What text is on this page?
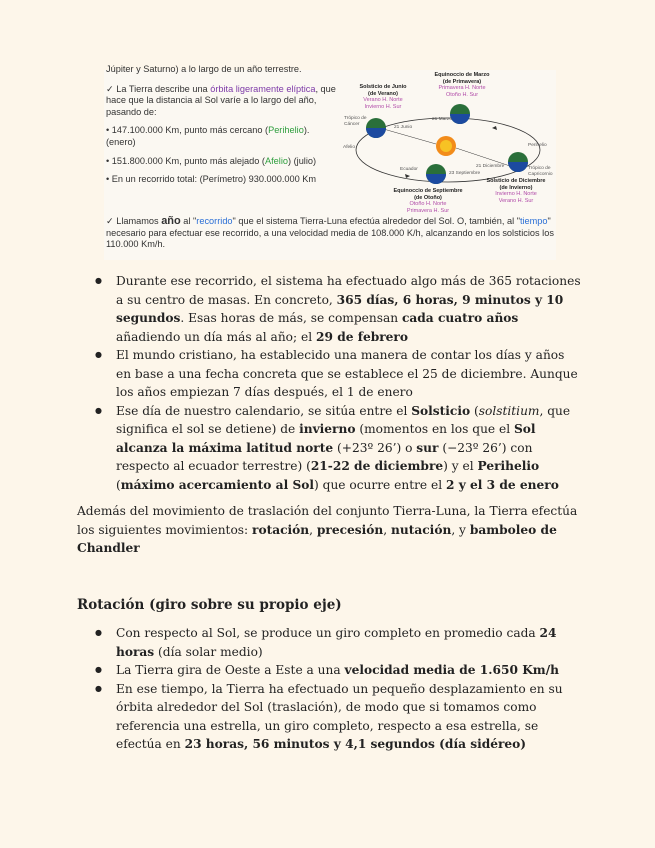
Júpiter y Saturno) a lo largo de un año terrestre.

✓ La Tierra describe una órbita ligeramente elíptica, que hace que la distancia al Sol varíe a lo largo del año, pasando de:

• 147.100.000 Km, punto más cercano (Perihelio). (enero)

• 151.800.000 Km, punto más alejado (Afelio) (julio)

• En un recorrido total: (Perímetro) 930.000.000 Km

Solsticio de Junio
(de Verano)
Verano H. Norte
Invierno H. Sur
Equinoccio de Marzo
(de Primavera)
Primavera H. Norte
Otoño H. Sur
Equinoccio de Septiembre
(de Otoño)
Otoño H. Norte
Primavera H. Sur
Solsticio de Diciembre
(de Invierno)
Invierno H. Norte
Verano H. Sur
Afelio	Perihelio
Trópico de Cáncer
Trópico de Capricornio
21 Junio
21 Marzo
21 Diciembre
23 Septiembre
Ecuador
✓ Llamamos año al "recorrido" que el sistema Tierra-Luna efectúa alrededor del Sol. O, también, al "tiempo" necesario para efectuar ese recorrido, a una velocidad media de 108.000 K/h, alcanzando en los solsticios los 110.000 Km/h.
● Durante ese recorrido, el sistema ha efectuado algo más de 365 rotaciones a su centro de masas. En concreto, 365 días, 6 horas, 9 minutos y 10 segundos. Esas horas de más, se compensan cada cuatro años añadiendo un día más al año; el 29 de febrero
● El mundo cristiano, ha establecido una manera de contar los días y años en base a una fecha concreta que se establece el 25 de diciembre. Aunque los años empiezan 7 días después, el 1 de enero
● Ese día de nuestro calendario, se sitúa entre el Solsticio (solstitium, que significa el sol se detiene) de invierno (momentos en los que el Sol alcanza la máxima latitud norte (+23º 26’) o sur (−23º 26’) con respecto al ecuador terrestre) (21-22 de diciembre) y el Perihelio (máximo acercamiento al Sol) que ocurre entre el 2 y el 3 de enero

Además del movimiento de traslación del conjunto Tierra-Luna, la Tierra efectúa los siguientes movimientos: rotación, precesión, nutación, y bamboleo de Chandler

Rotación (giro sobre su propio eje)
● Con respecto al Sol, se produce un giro completo en promedio cada 24 horas (día solar medio)
● La Tierra gira de Oeste a Este a una velocidad media de 1.650 Km/h
● En ese tiempo, la Tierra ha efectuado un pequeño desplazamiento en su órbita alrededor del Sol (traslación), de modo que si tomamos como referencia una estrella, un giro completo, respecto a esa estrella, se efectúa en 23 horas, 56 minutos y 4,1 segundos (día sidéreo)
